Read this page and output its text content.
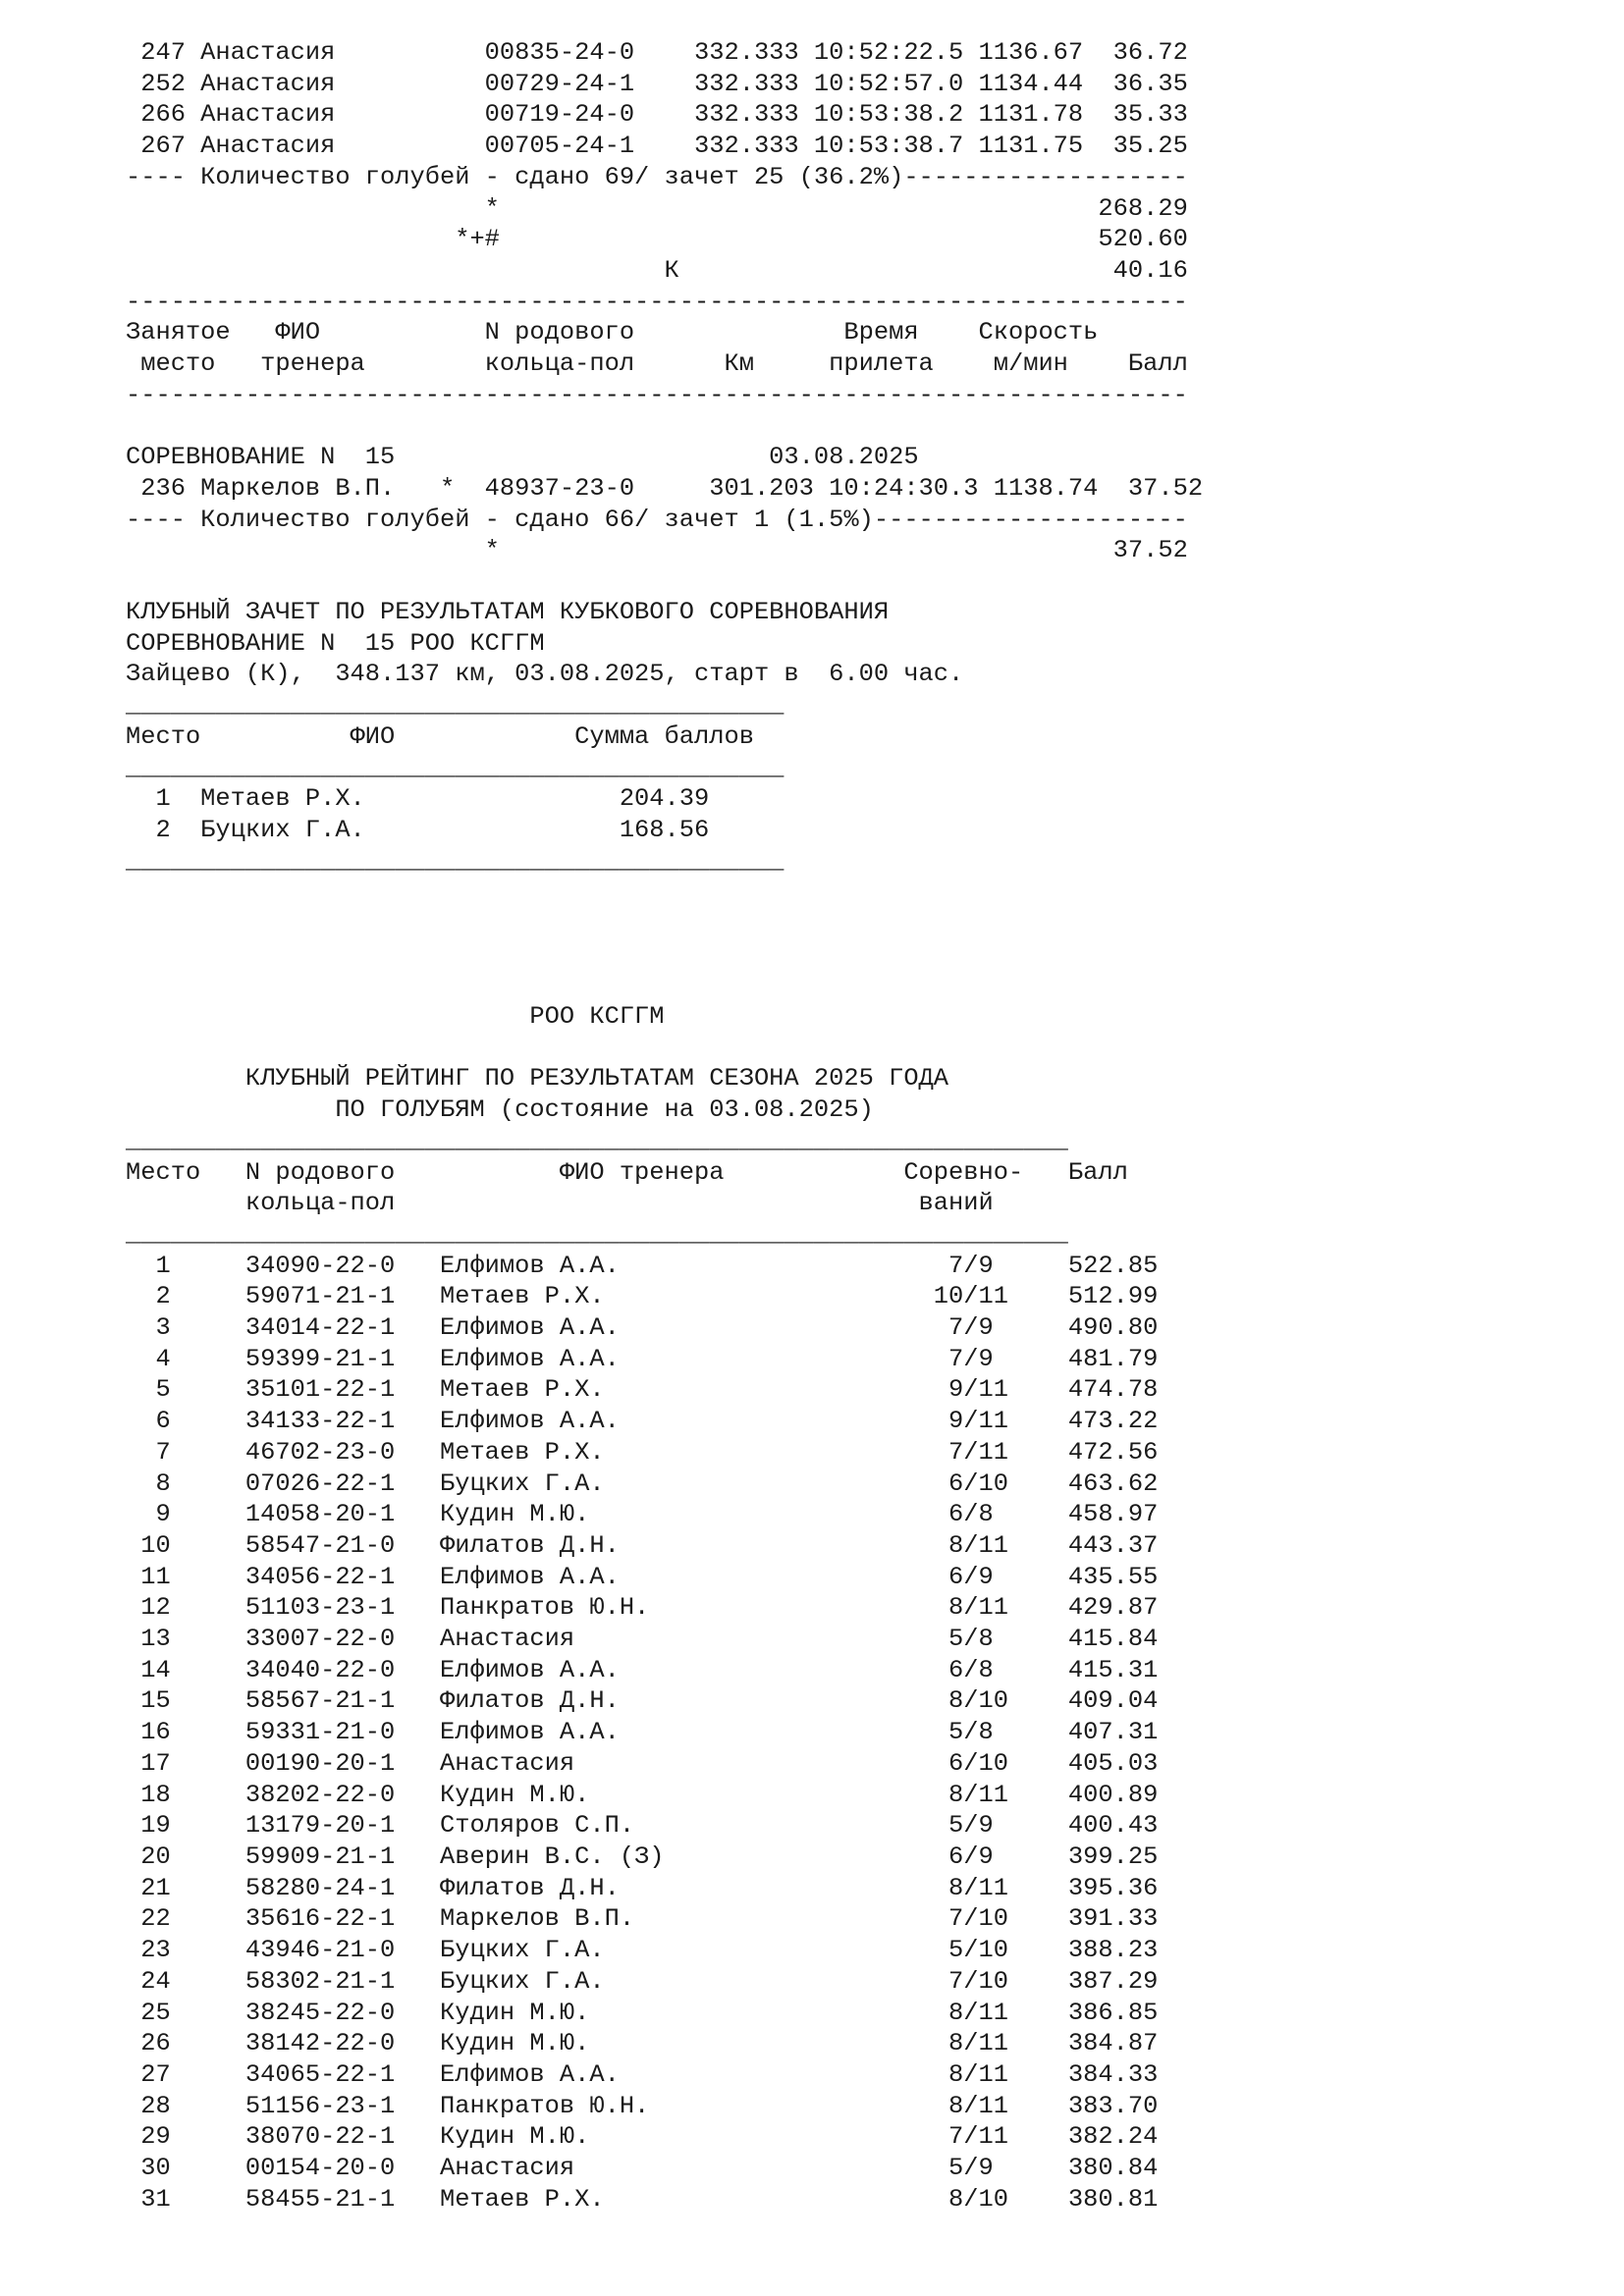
247 Анастасия          00835-24-0    332.333 10:52:22.5 1136.67  36.72
252 Анастасия          00729-24-1    332.333 10:52:57.0 1134.44  36.35
266 Анастасия          00719-24-0    332.333 10:53:38.2 1131.78  35.33
267 Анастасия          00705-24-1    332.333 10:53:38.7 1131.75  35.25
---- Количество голубей - сдано 69/ зачет 25 (36.2%)-------------------
*                                        268.29
*+#                                        520.60
К                             40.16
-----------------------------------------------------------------------
Занятое   ФИО           N родового              Время    Скорость
место   тренера        кольца-пол      Км     прилета    м/мин    Балл
-----------------------------------------------------------------------

СОРЕВНОВАНИЕ N  15                         03.08.2025
236 Маркелов В.П.   *  48937-23-0     301.203 10:24:30.3 1138.74  37.52
---- Количество голубей - сдано 66/ зачет 1 (1.5%)---------------------
*                                         37.52
КЛУБНЫЙ ЗАЧЕТ ПО РЕЗУЛЬТАТАМ КУБКОВОГО СОРЕВНОВАНИЯ
СОРЕВНОВАНИЕ N  15 РОО КСГГМ
Зайцево (К),  348.137 км, 03.08.2025, старт в  6.00 час.
____________________________________________
Место          ФИО            Сумма баллов
____________________________________________
1  Метаев Р.Х.                 204.39
2  Буцких Г.А.                 168.56
____________________________________________
РОО КСГГМ

КЛУБНЫЙ РЕЙТИНГ ПО РЕЗУЛЬТАТАМ СЕЗОНА 2025 ГОДА
ПО ГОЛУБЯМ (состояние на 03.08.2025)
_______________________________________________________________
Место   N родового           ФИО тренера            Соревно-   Балл
кольца-пол                                   ваний
_______________________________________________________________
1     34090-22-0   Елфимов А.А.                      7/9     522.85
2     59071-21-1   Метаев Р.Х.                      10/11    512.99
3     34014-22-1   Елфимов А.А.                      7/9     490.80
4     59399-21-1   Елфимов А.А.                      7/9     481.79
5     35101-22-1   Метаев Р.Х.                       9/11    474.78
6     34133-22-1   Елфимов А.А.                      9/11    473.22
7     46702-23-0   Метаев Р.Х.                       7/11    472.56
8     07026-22-1   Буцких Г.А.                       6/10    463.62
9     14058-20-1   Кудин М.Ю.                        6/8     458.97
10     58547-21-0   Филатов Д.Н.                      8/11    443.37
11     34056-22-1   Елфимов А.А.                      6/9     435.55
12     51103-23-1   Панкратов Ю.Н.                    8/11    429.87
13     33007-22-0   Анастасия                         5/8     415.84
14     34040-22-0   Елфимов А.А.                      6/8     415.31
15     58567-21-1   Филатов Д.Н.                      8/10    409.04
16     59331-21-0   Елфимов А.А.                      5/8     407.31
17     00190-20-1   Анастасия                         6/10    405.03
18     38202-22-0   Кудин М.Ю.                        8/11    400.89
19     13179-20-1   Столяров С.П.                     5/9     400.43
20     59909-21-1   Аверин В.С. (З)                   6/9     399.25
21     58280-24-1   Филатов Д.Н.                      8/11    395.36
22     35616-22-1   Маркелов В.П.                     7/10    391.33
23     43946-21-0   Буцких Г.А.                       5/10    388.23
24     58302-21-1   Буцких Г.А.                       7/10    387.29
25     38245-22-0   Кудин М.Ю.                        8/11    386.85
26     38142-22-0   Кудин М.Ю.                        8/11    384.87
27     34065-22-1   Елфимов А.А.                      8/11    384.33
28     51156-23-1   Панкратов Ю.Н.                    8/11    383.70
29     38070-22-1   Кудин М.Ю.                        7/11    382.24
30     00154-20-0   Анастасия                         5/9     380.84
31     58455-21-1   Метаев Р.Х.                       8/10    380.81
